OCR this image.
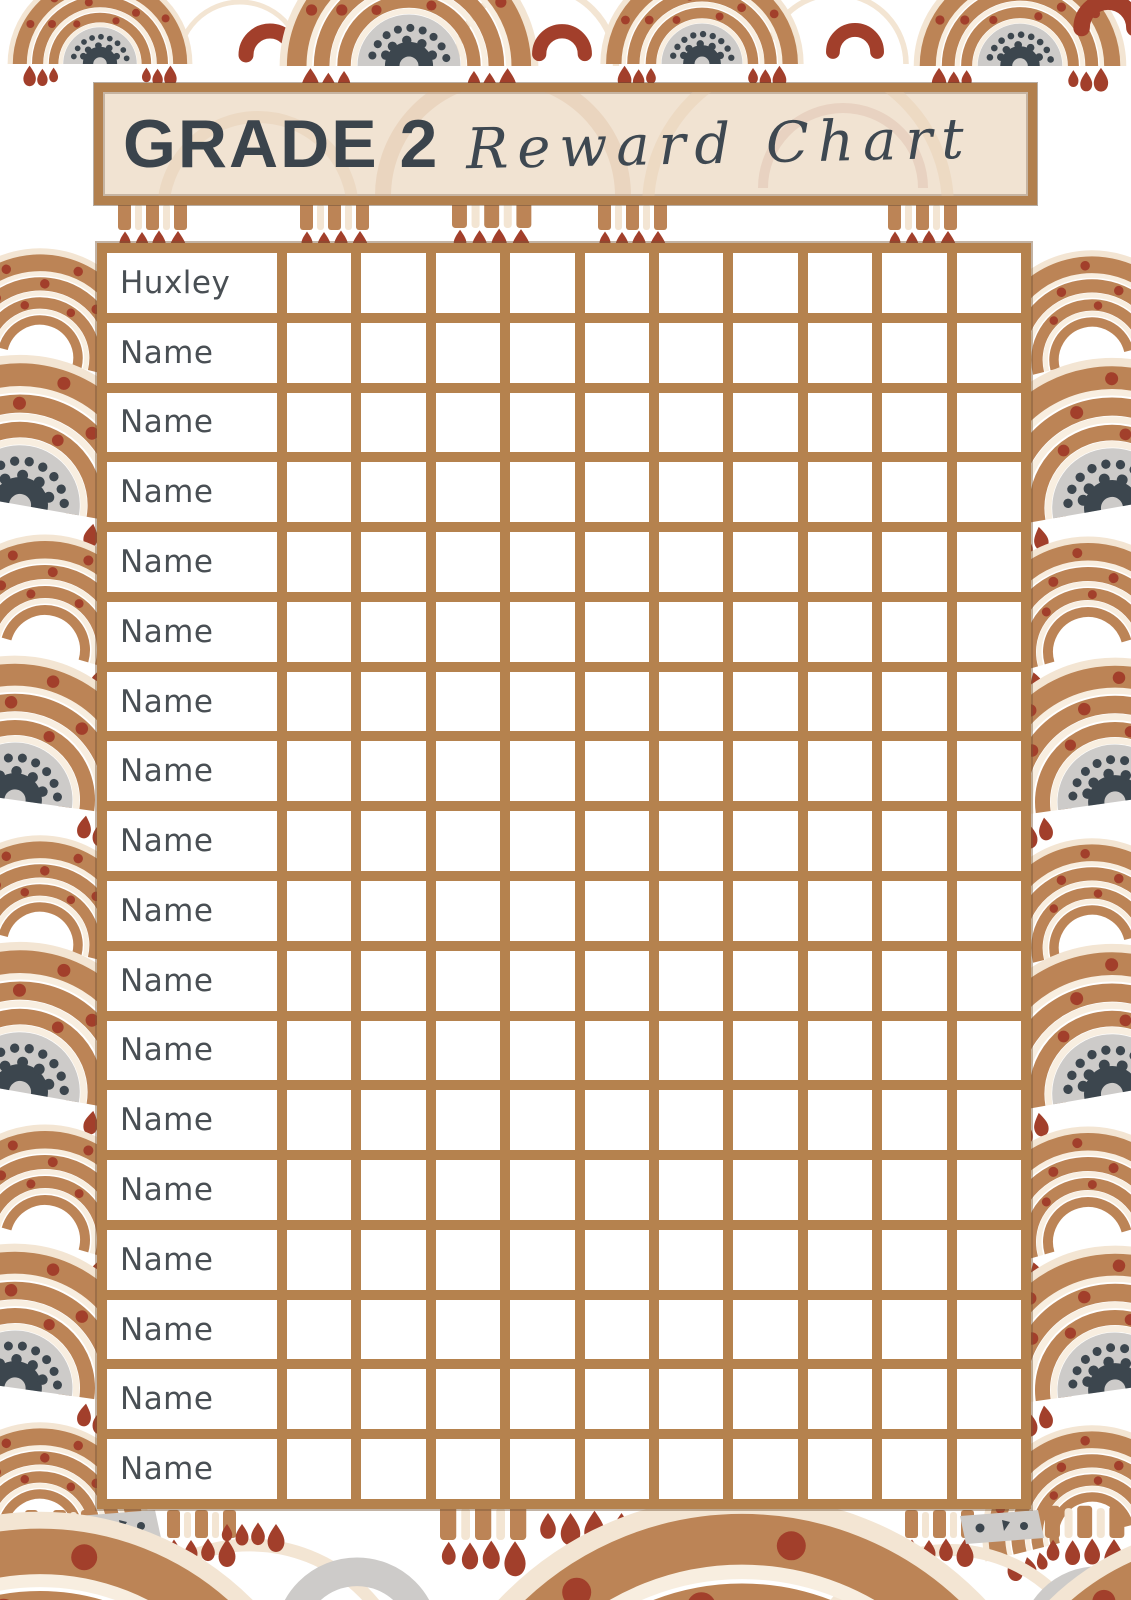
GRADE 2 Reward Chart
Huxley
Name
Name
Name
Name
Name
Name
Name
Name
Name
Name
Name
Name
Name
Name
Name
Name
Name
